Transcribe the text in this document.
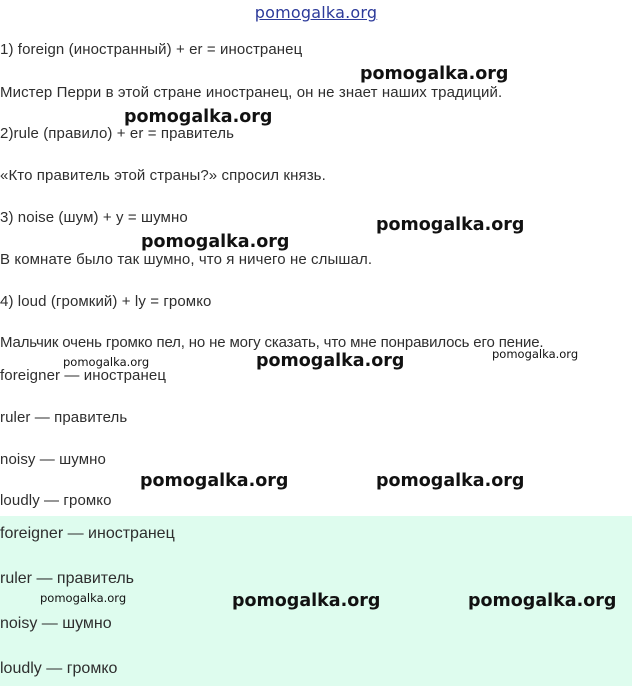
pomogalka.org
1) foreign (иностранный) + er = иностранец
Мистер Перри в этой стране иностранец, он не знает наших традиций.
2)rule (правило) + er = правитель
«Кто правитель этой страны?» спросил князь.
3) noise (шум) + y = шумно
В комнате было так шумно, что я ничего не слышал.
4) loud (громкий) + ly = громко
Мальчик очень громко пел, но не могу сказать, что мне понравилось его пение.
foreigner — иностранец
ruler — правитель
noisy — шумно
loudly — громко
foreigner — иностранец
ruler — правитель
noisy — шумно
loudly — громко
pomogalka.org
pomogalka.org
pomogalka.org
pomogalka.org
pomogalka.org	pomogalka.org	pomogalka.org
pomogalka.org	pomogalka.org
pomogalka.org	pomogalka.org	pomogalka.org
